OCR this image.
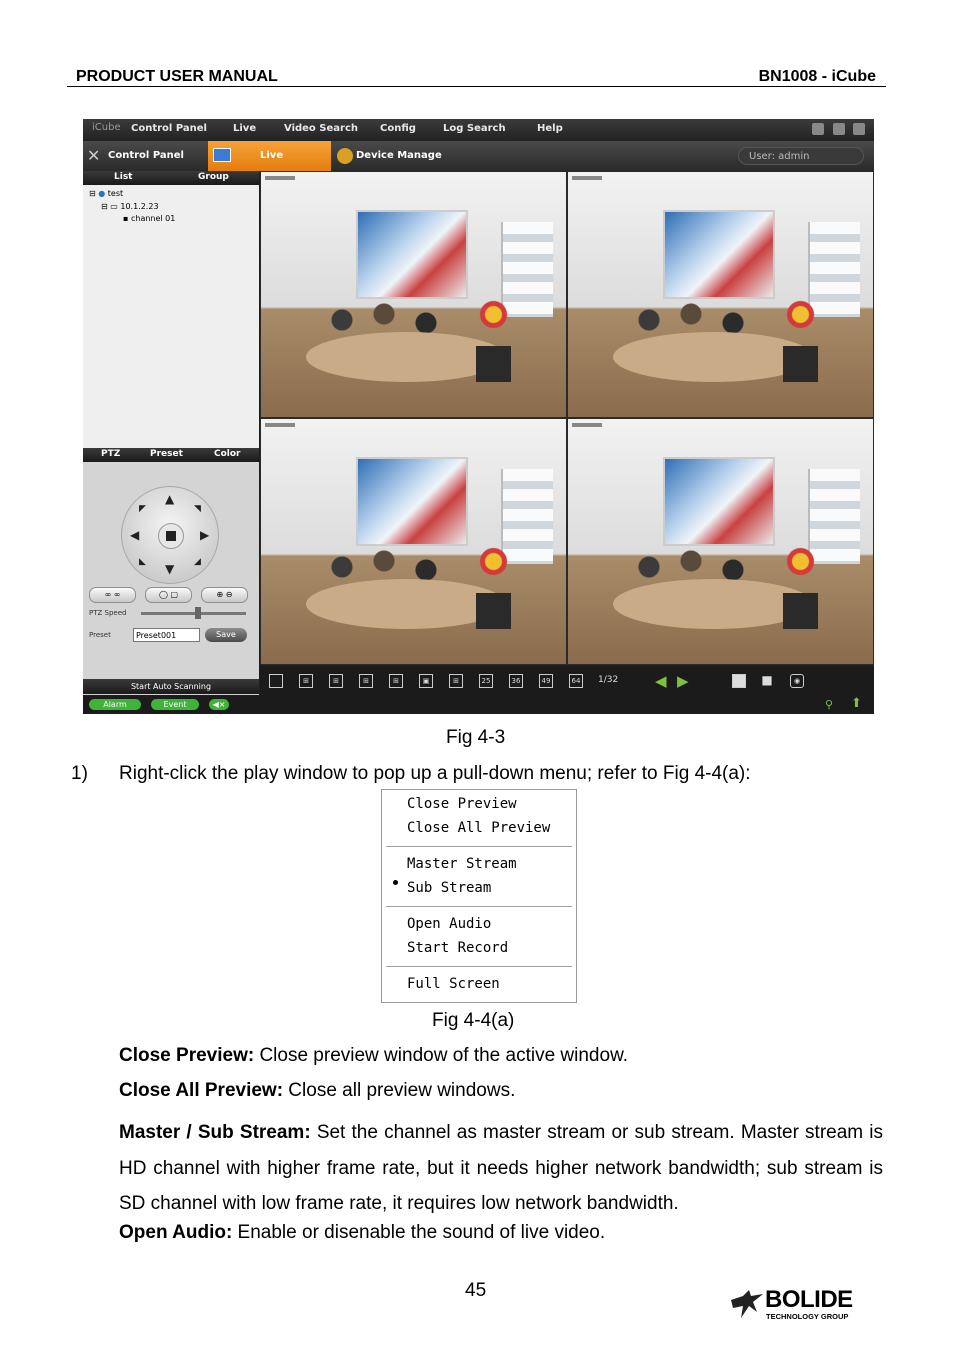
PRODUCT USER MANUAL	BN1008 - iCube
iCube Control Panel	Live	Video Search Config	Log Search	Help
✕ Control Panel	Live	Device Manage	User: admin
List	Group
⊟ ● test
⊟ ▭ 10.1.2.23
▪ channel 01
PTZ	Preset	Color
▲
▼
◀	▶
◤	◥
◣	◢
∞ ∞	◯ ▢	⊕ ⊖
PTZ Speed
Preset	Preset001	Save
Start Auto Scanning
⊞	⊞	⊞	⊞	▣	⊞	25	36	49	64 1/32 ◀ ▶	■	◉
Alarm	Event	◀×	⚲ ⬆
Fig 4-3
1) Right-click the play window to pop up a pull-down menu; refer to Fig 4-4(a):
Close Preview
Close All Preview
Master Stream
Sub Stream
Open Audio
Start Record
Full Screen
Fig 4-4(a)
Close Preview: Close preview window of the active window.
Close All Preview: Close all preview windows.
Master / Sub Stream: Set the channel as master stream or sub stream. Master stream is HD channel with higher frame rate, but it needs higher network bandwidth; sub stream is SD channel with low frame rate, it requires low network bandwidth.
Open Audio: Enable or disenable the sound of live video.
45	BOLIDE
TECHNOLOGY GROUP
